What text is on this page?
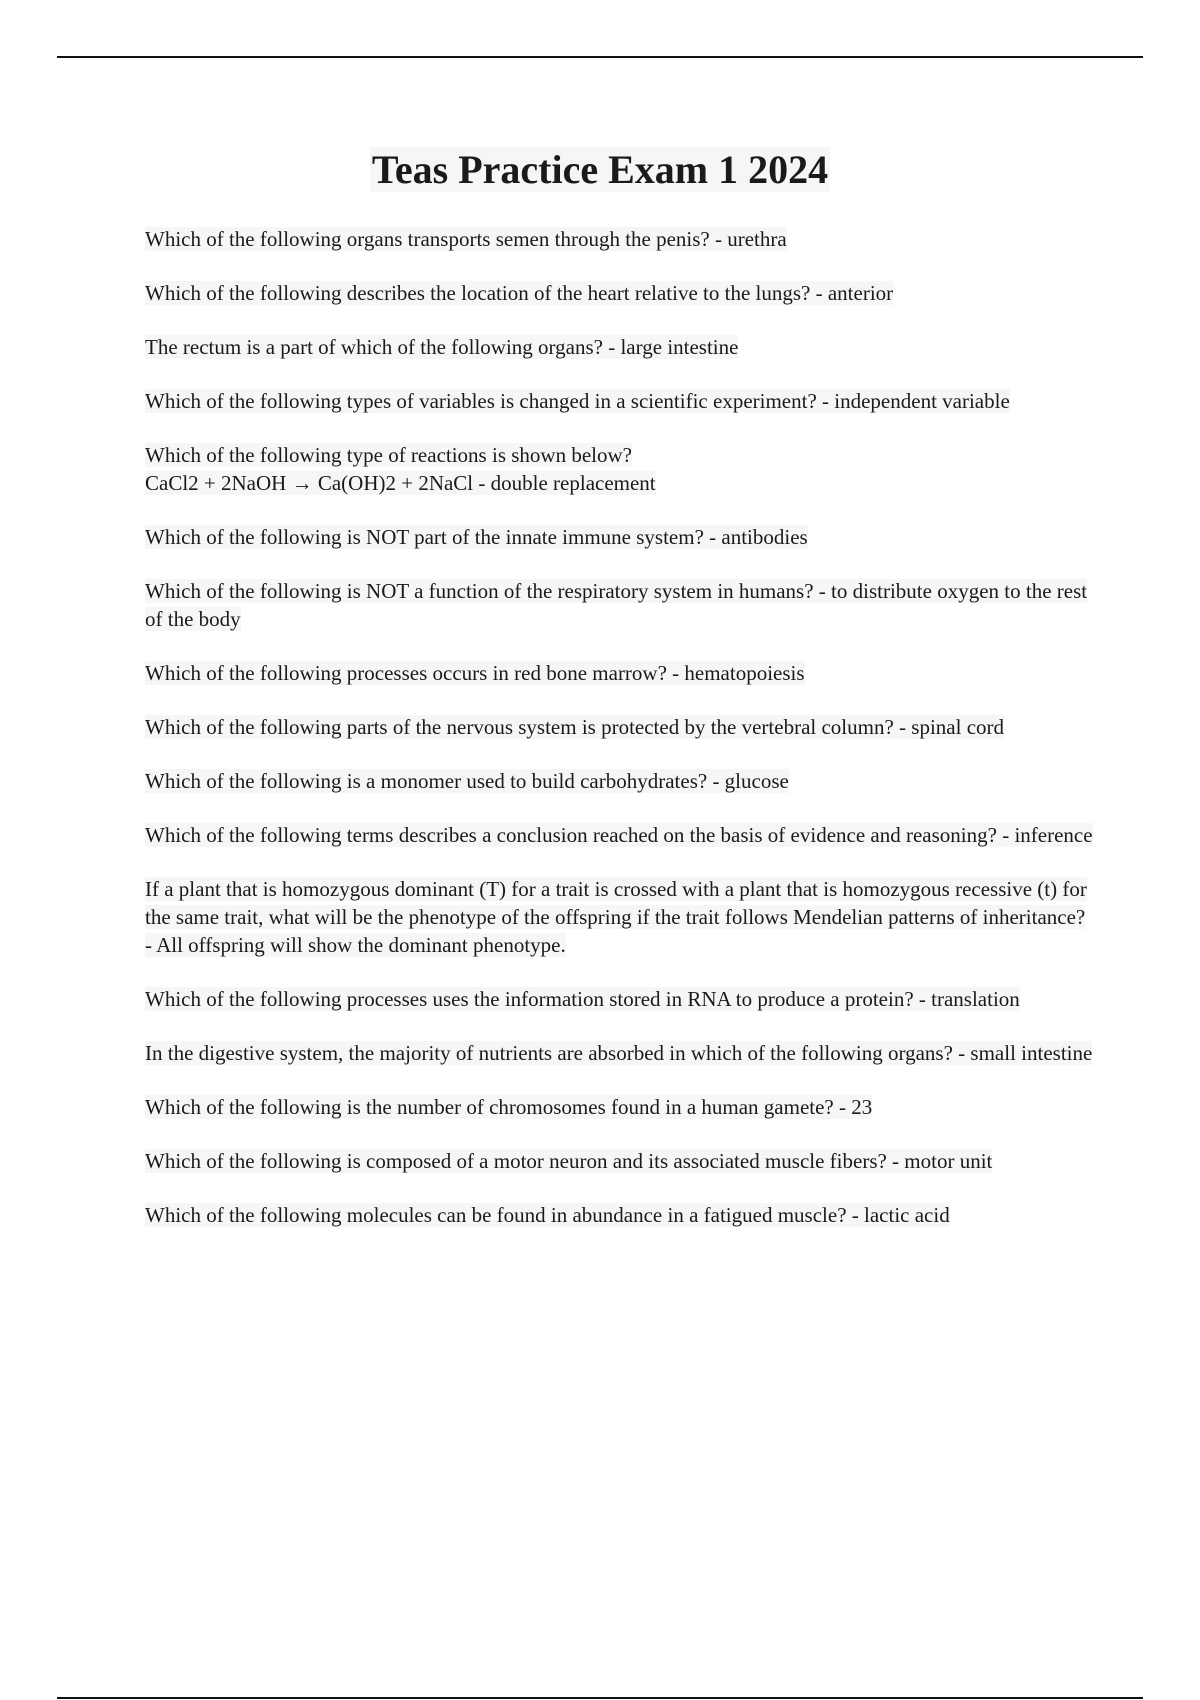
Teas Practice Exam 1 2024
Which of the following organs transports semen through the penis? - urethra
Which of the following describes the location of the heart relative to the lungs? - anterior
The rectum is a part of which of the following organs? - large intestine
Which of the following types of variables is changed in a scientific experiment? - independent variable
Which of the following type of reactions is shown below?
CaCl2 + 2NaOH → Ca(OH)2 + 2NaCl - double replacement
Which of the following is NOT part of the innate immune system? - antibodies
Which of the following is NOT a function of the respiratory system in humans? - to distribute oxygen to the rest of the body
Which of the following processes occurs in red bone marrow? - hematopoiesis
Which of the following parts of the nervous system is protected by the vertebral column? - spinal cord
Which of the following is a monomer used to build carbohydrates? - glucose
Which of the following terms describes a conclusion reached on the basis of evidence and reasoning? - inference
If a plant that is homozygous dominant (T) for a trait is crossed with a plant that is homozygous recessive (t) for the same trait, what will be the phenotype of the offspring if the trait follows Mendelian patterns of inheritance? - All offspring will show the dominant phenotype.
Which of the following processes uses the information stored in RNA to produce a protein? - translation
In the digestive system, the majority of nutrients are absorbed in which of the following organs? - small intestine
Which of the following is the number of chromosomes found in a human gamete? - 23
Which of the following is composed of a motor neuron and its associated muscle fibers? - motor unit
Which of the following molecules can be found in abundance in a fatigued muscle? - lactic acid
